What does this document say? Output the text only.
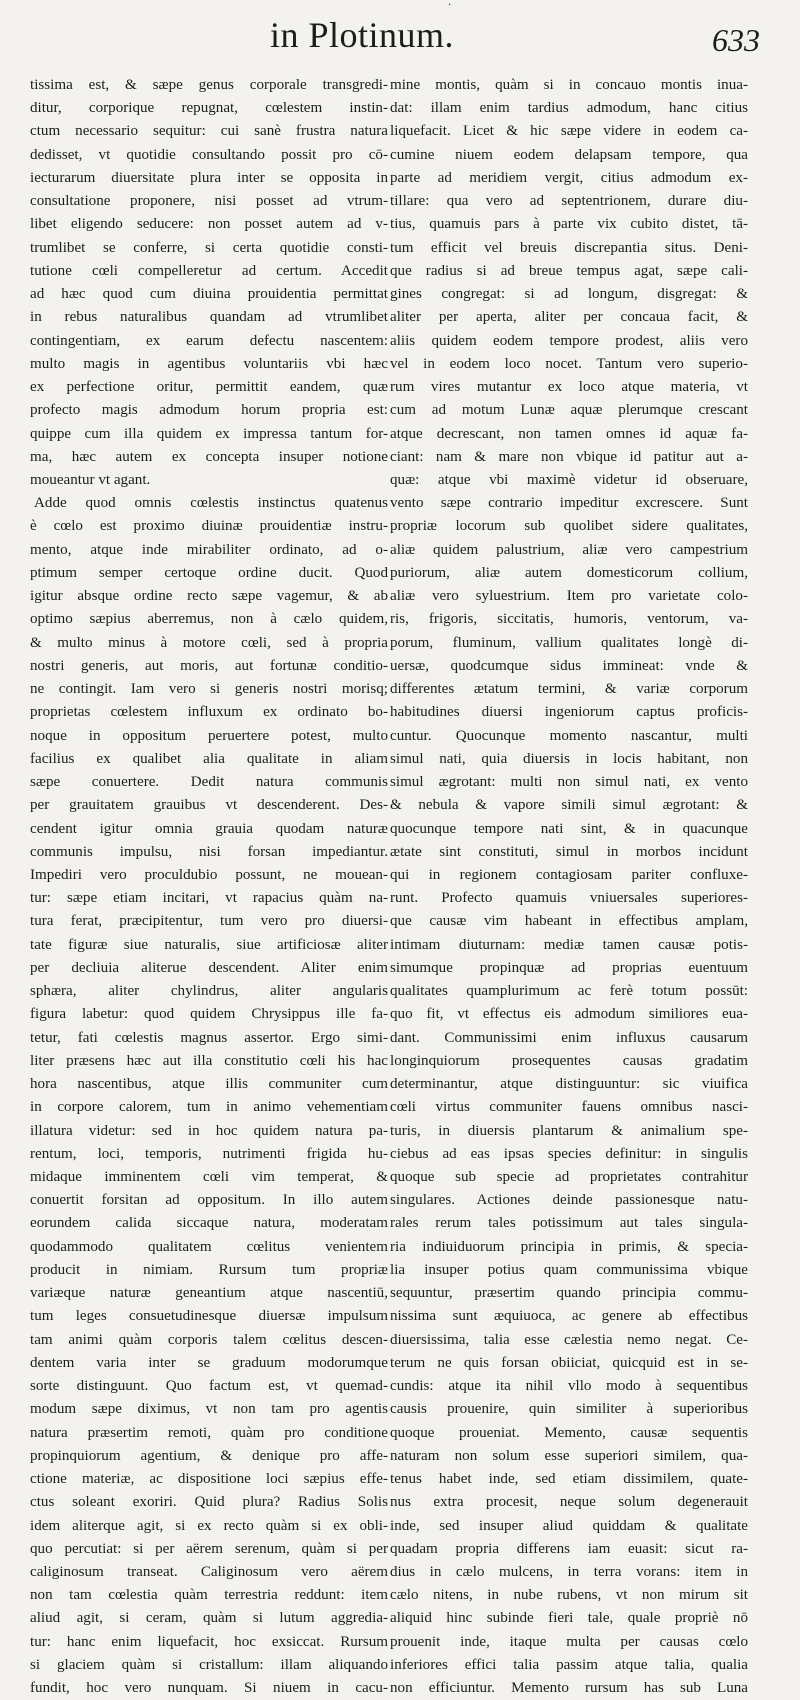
·
in Plotinum.	633
tissima est, & sæpe genus corporale transgredi-
ditur, corporique repugnat, cœlestem instin-
ctum necessario sequitur: cui sanè frustra natura
dedisset, vt quotidie consultando possit pro cō-
iecturarum diuersitate plura inter se opposita in
consultatione proponere, nisi posset ad vtrum-
libet eligendo seducere: non posset autem ad v-
trumlibet se conferre, si certa quotidie consti-
tutione cœli compelleretur ad certum. Accedit
ad hæc quod cum diuina prouidentia permittat
in rebus naturalibus quandam ad vtrumlibet
contingentiam, ex earum defectu nascentem:
multo magis in agentibus voluntariis vbi hæc
ex perfectione oritur, permittit eandem, quæ
profecto magis admodum horum propria est:
quippe cum illa quidem ex impressa tantum for-
ma, hæc autem ex concepta insuper notione
moueantur vt agant.
Adde quod omnis cœlestis instinctus quatenus
è cœlo est proximo diuinæ prouidentiæ instru-
mento, atque inde mirabiliter ordinato, ad o-
ptimum semper certoque ordine ducit. Quod
igitur absque ordine recto sæpe vagemur, & ab
optimo sæpius aberremus, non à cælo quidem,
& multo minus à motore cœli, sed à propria
nostri generis, aut moris, aut fortunæ conditio-
ne contingit. Iam vero si generis nostri morisq;
proprietas cœlestem influxum ex ordinato bo-
noque in oppositum peruertere potest, multo
facilius ex qualibet alia qualitate in aliam
sæpe conuertere. Dedit natura communis
per grauitatem grauibus vt descenderent. Des-
cendent igitur omnia grauia quodam naturæ
communis impulsu, nisi forsan impediantur.
Impediri vero proculdubio possunt, ne mouean-
tur: sæpe etiam incitari, vt rapacius quàm na-
tura ferat, præcipitentur, tum vero pro diuersi-
tate figuræ siue naturalis, siue artificiosæ aliter
per decliuia aliterue descendent. Aliter enim
sphæra, aliter chylindrus, aliter angularis
figura labetur: quod quidem Chrysippus ille fa-
tetur, fati cœlestis magnus assertor. Ergo simi-
liter præsens hæc aut illa constitutio cœli his hac
hora nascentibus, atque illis communiter cum
in corpore calorem, tum in animo vehementiam
illatura videtur: sed in hoc quidem natura pa-
rentum, loci, temporis, nutrimenti frigida hu-
midaque imminentem cœli vim temperat, &
conuertit forsitan ad oppositum. In illo autem
eorundem calida siccaque natura, moderatam
quodammodo qualitatem cœlitus venientem
producit in nimiam. Rursum tum propriæ
variæque naturæ geneantium atque nascentiū,
tum leges consuetudinesque diuersæ impulsum
tam animi quàm corporis talem cœlitus descen-
dentem varia inter se graduum modorumque
sorte distinguunt. Quo factum est, vt quemad-
modum sæpe diximus, vt non tam pro agentis
natura præsertim remoti, quàm pro conditione
propinquiorum agentium, & denique pro affe-
ctione materiæ, ac dispositione loci sæpius effe-
ctus soleant exoriri. Quid plura? Radius Solis
idem aliterque agit, si ex recto quàm si ex obli-
quo percutiat: si per aërem serenum, quàm si per
caliginosum transeat. Caliginosum vero aërem
non tam cœlestia quàm terrestria reddunt: item
aliud agit, si ceram, quàm si lutum aggredia-
tur: hanc enim liquefacit, hoc exsiccat. Rursum
si glaciem quàm si cristallum: illam aliquando
fundit, hoc vero nunquam. Si niuem in cacu-
mine montis, quàm si in concauo montis inua-
dat: illam enim tardius admodum, hanc citius
liquefacit. Licet & hic sæpe videre in eodem ca-
cumine niuem eodem delapsam tempore, qua
parte ad meridiem vergit, citius admodum ex-
tillare: qua vero ad septentrionem, durare diu-
tius, quamuis pars à parte vix cubito distet, tā-
tum efficit vel breuis discrepantia situs. Deni-
que radius si ad breue tempus agat, sæpe cali-
gines congregat: si ad longum, disgregat: &
aliter per aperta, aliter per concaua facit, &
aliis quidem eodem tempore prodest, aliis vero
vel in eodem loco nocet. Tantum vero superio-
rum vires mutantur ex loco atque materia, vt
cum ad motum Lunæ aquæ plerumque crescant
atque decrescant, non tamen omnes id aquæ fa-
ciant: nam & mare non vbique id patitur aut a-
quæ: atque vbi maximè videtur id obseruare,
vento sæpe contrario impeditur excrescere. Sunt
propriæ locorum sub quolibet sidere qualitates,
aliæ quidem palustrium, aliæ vero campestrium
puriorum, aliæ autem domesticorum collium,
aliæ vero syluestrium. Item pro varietate colo-
ris, frigoris, siccitatis, humoris, ventorum, va-
porum, fluminum, vallium qualitates longè di-
uersæ, quodcumque sidus immineat: vnde &
differentes ætatum termini, & variæ corporum
habitudines diuersi ingeniorum captus proficis-
cuntur. Quocunque momento nascantur, multi
simul nati, quia diuersis in locis habitant, non
simul ægrotant: multi non simul nati, ex vento
& nebula & vapore simili simul ægrotant: &
quocunque tempore nati sint, & in quacunque
ætate sint constituti, simul in morbos incidunt
qui in regionem contagiosam pariter confluxe-
runt. Profecto quamuis vniuersales superiores-
que causæ vim habeant in effectibus amplam,
intimam diuturnam: mediæ tamen causæ potis-
simumque propinquæ ad proprias euentuum
qualitates quamplurimum ac ferè totum possūt:
quo fit, vt effectus eis admodum similiores eua-
dant. Communissimi enim influxus causarum
longinquiorum prosequentes causas gradatim
determinantur, atque distinguuntur: sic viuifica
cœli virtus communiter fauens omnibus nasci-
turis, in diuersis plantarum & animalium spe-
ciebus ad eas ipsas species definitur: in singulis
quoque sub specie ad proprietates contrahitur
singulares. Actiones deinde passionesque natu-
rales rerum tales potissimum aut tales singula-
ria indiuiduorum principia in primis, & specia-
lia insuper potius quam communissima vbique
sequuntur, præsertim quando principia commu-
nissima sunt æquiuoca, ac genere ab effectibus
diuersissima, talia esse cælestia nemo negat. Ce-
terum ne quis forsan obiiciat, quicquid est in se-
cundis: atque ita nihil vllo modo à sequentibus
causis prouenire, quin similiter à superioribus
quoque proueniat. Memento, causæ sequentis
naturam non solum esse superiori similem, qua-
tenus habet inde, sed etiam dissimilem, quate-
nus extra procesit, neque solum degenerauit
inde, sed insuper aliud quiddam & qualitate
quadam propria differens iam euasit: sicut ra-
dius in cælo mulcens, in terra vorans: item in
cælo nitens, in nube rubens, vt non mirum sit
aliquid hinc subinde fieri tale, quale propriè nō
prouenit inde, itaque multa per causas cœlo
inferiores effici talia passim atque talia, qualia
non efficiuntur. Memento rursum has sub Luna
